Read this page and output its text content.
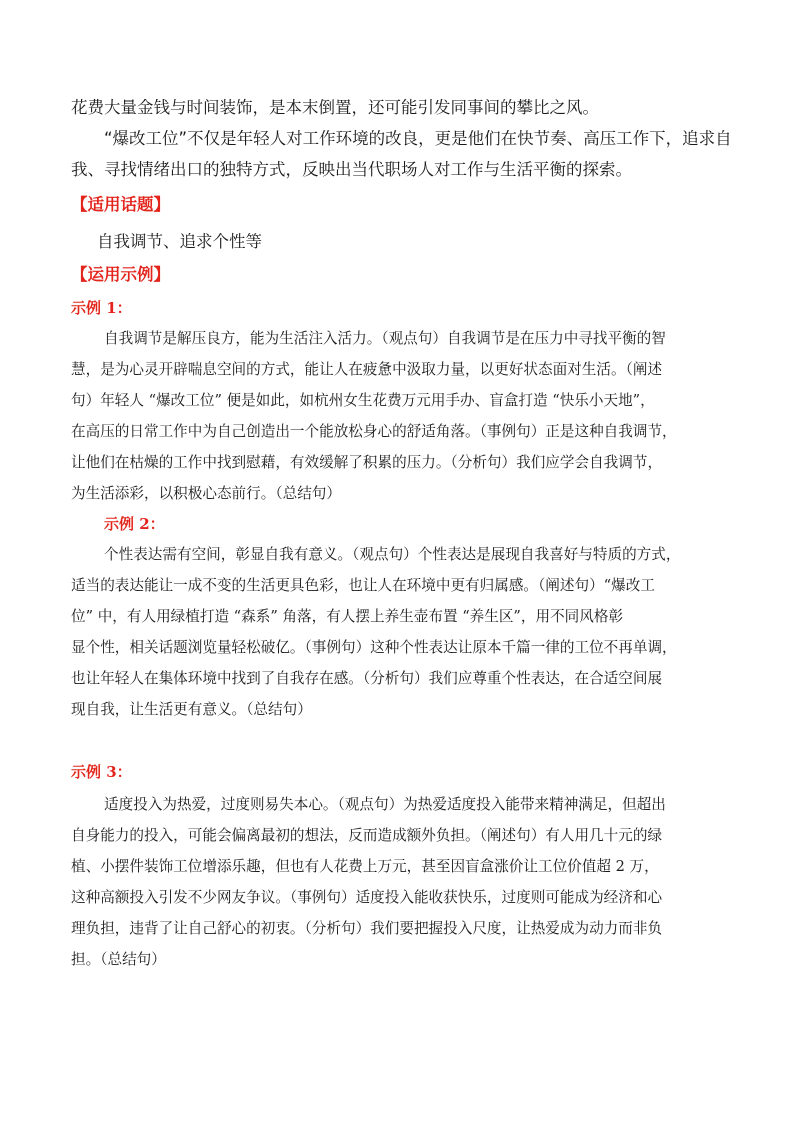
花费大量金钱与时间装饰，是本末倒置，还可能引发同事间的攀比之风。

“爆改工位”不仅是年轻人对工作环境的改良，更是他们在快节奏、高压工作下，追求自

我、寻找情绪出口的独特方式，反映出当代职场人对工作与生活平衡的探索。

【适用话题】
自我调节、追求个性等
【运用示例】
示例 1：

自我调节是解压良方，能为生活注入活力。（观点句）自我调节是在压力中寻找平衡的智

慧，是为心灵开辟喘息空间的方式，能让人在疲惫中汲取力量，以更好状态面对生活。（阐述

句）年轻人 “爆改工位” 便是如此，如杭州女生花费万元用手办、盲盒打造 “快乐小天地”，

在高压的日常工作中为自己创造出一个能放松身心的舒适角落。（事例句）正是这种自我调节，

让他们在枯燥的工作中找到慰藉，有效缓解了积累的压力。（分析句）我们应学会自我调节，

为生活添彩，以积极心态前行。（总结句）

示例 2：

个性表达需有空间，彰显自我有意义。（观点句）个性表达是展现自我喜好与特质的方式，

适当的表达能让一成不变的生活更具色彩，也让人在环境中更有归属感。（阐述句）“爆改工

位” 中，有人用绿植打造 “森系” 角落，有人摆上养生壶布置 “养生区”，用不同风格彰

显个性，相关话题浏览量轻松破亿。（事例句）这种个性表达让原本千篇一律的工位不再单调，

也让年轻人在集体环境中找到了自我存在感。（分析句）我们应尊重个性表达，在合适空间展

现自我，让生活更有意义。（总结句）

示例 3：

适度投入为热爱，过度则易失本心。（观点句）为热爱适度投入能带来精神满足，但超出

自身能力的投入，可能会偏离最初的想法，反而造成额外负担。（阐述句）有人用几十元的绿

植、小摆件装饰工位增添乐趣，但也有人花费上万元，甚至因盲盒涨价让工位价值超 2 万，

这种高额投入引发不少网友争议。（事例句）适度投入能收获快乐，过度则可能成为经济和心

理负担，违背了让自己舒心的初衷。（分析句）我们要把握投入尺度，让热爱成为动力而非负

担。（总结句）
